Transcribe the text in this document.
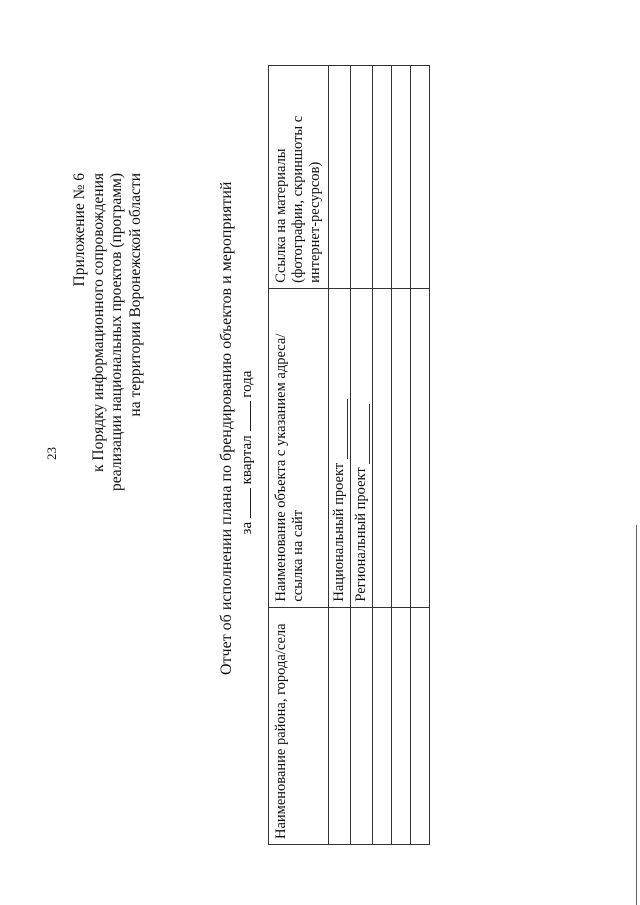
23
Приложение № 6 к Порядку информационного сопровождения реализации национальных проектов (программ) на территории Воронежской области	Отчет об исполнении плана по брендированию объектов и мероприятий за  квартал  года
Наименование района, города/села	Наименование объекта с указанием адреса/ ссылка на сайт	Ссылка на материалы (фотографии, скриншоты с интернет-ресурсов)
	Национальный проект	
	Региональный проект	
